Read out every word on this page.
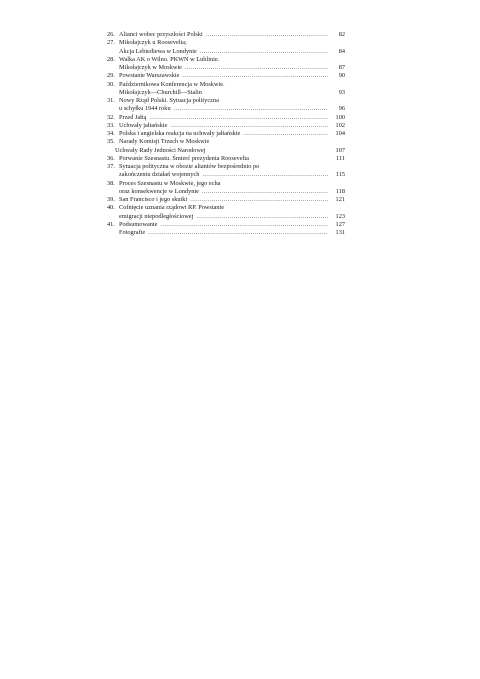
26. Alianci wobec przyszłości Polski .....	82
27. Mikołajczyk u Roosevelta;
Akcja Lebiediewa w Londynie .....	84
28. Walka AK o Wilno. PKWN w Lublinie.
Mikołajczyk w Moskwie .....	87
29. Powstanie Warszawskie .....	90
30. Październikowa Konferencja w Moskwie.
Mikołajczyk—Churchill—Stalin	93
31. Nowy Rząd Polski. Sytuacja polityczna
u schyłku 1944 roku .....	96
32. Przed Jałtą .....	100
33. Uchwały jałtańskie .....	102
34. Polska i angielska reakcja na uchwały jałtańskie .....	104
35. Narady Komisji Trzech w Moskwie
Uchwały Rady Jedności Narodowej	107
36. Porwanie Szesnastu. Śmierć prezydenta Roosevelta	111
37. Sytuacja polityczna w obozie aliantów bezpośrednio po
zakończeniu działań wojennych .....	115
38. Proces Szesnastu w Moskwie, jego echa
oraz konsekwencje w Londynie .....	118
39. San Francisco i jego skutki .....	121
40. Cofnięcie uznania rządowi RP. Powstanie
emigracji niepodległościowej .....	123
41. Podsumowanie .....	127
Fotografie .....	131
